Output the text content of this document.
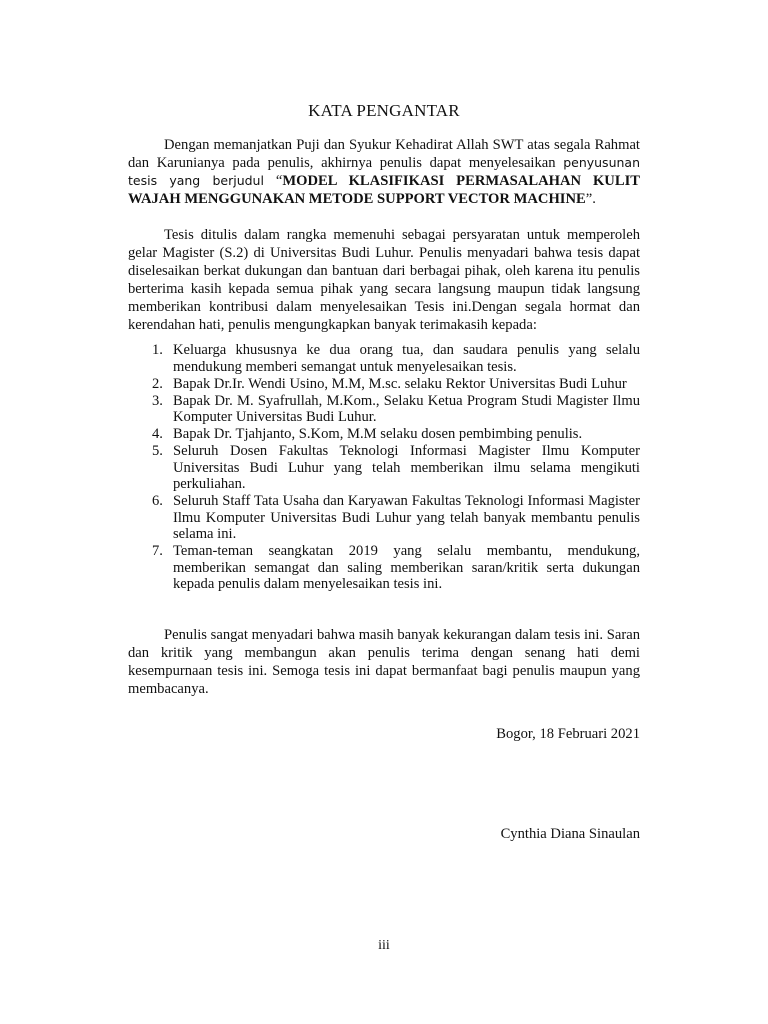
KATA PENGANTAR

Dengan memanjatkan Puji dan Syukur Kehadirat Allah SWT atas segala Rahmat dan Karunianya pada penulis, akhirnya penulis dapat menyelesaikan penyusunan tesis yang berjudul “MODEL KLASIFIKASI PERMASALAHAN KULIT WAJAH MENGGUNAKAN METODE SUPPORT VECTOR MACHINE”.

Tesis ditulis dalam rangka memenuhi sebagai persyaratan untuk memperoleh gelar Magister (S.2) di Universitas Budi Luhur. Penulis menyadari bahwa tesis dapat diselesaikan berkat dukungan dan bantuan dari berbagai pihak, oleh karena itu penulis berterima kasih kepada semua pihak yang secara langsung maupun tidak langsung memberikan kontribusi dalam menyelesaikan Tesis ini.Dengan segala hormat dan kerendahan hati, penulis mengungkapkan banyak terimakasih kepada:

1. Keluarga khususnya ke dua orang tua, dan saudara penulis yang selalu mendukung memberi semangat untuk menyelesaikan tesis.
2. Bapak Dr.Ir. Wendi Usino, M.M, M.sc. selaku Rektor Universitas Budi Luhur
3. Bapak Dr. M. Syafrullah, M.Kom., Selaku Ketua Program Studi Magister Ilmu Komputer Universitas Budi Luhur.
4. Bapak Dr. Tjahjanto, S.Kom, M.M selaku dosen pembimbing penulis.
5. Seluruh Dosen Fakultas Teknologi Informasi Magister Ilmu Komputer Universitas Budi Luhur yang telah memberikan ilmu selama mengikuti perkuliahan.
6. Seluruh Staff Tata Usaha dan Karyawan Fakultas Teknologi Informasi Magister Ilmu Komputer Universitas Budi Luhur yang telah banyak membantu penulis selama ini.
7. Teman-teman seangkatan 2019 yang selalu membantu, mendukung, memberikan semangat dan saling memberikan saran/kritik serta dukungan kepada penulis dalam menyelesaikan tesis ini.

Penulis sangat menyadari bahwa masih banyak kekurangan dalam tesis ini. Saran dan kritik yang membangun akan penulis terima dengan senang hati demi kesempurnaan tesis ini. Semoga tesis ini dapat bermanfaat bagi penulis maupun yang membacanya.

Bogor, 18 Februari 2021

Cynthia Diana Sinaulan

iii
